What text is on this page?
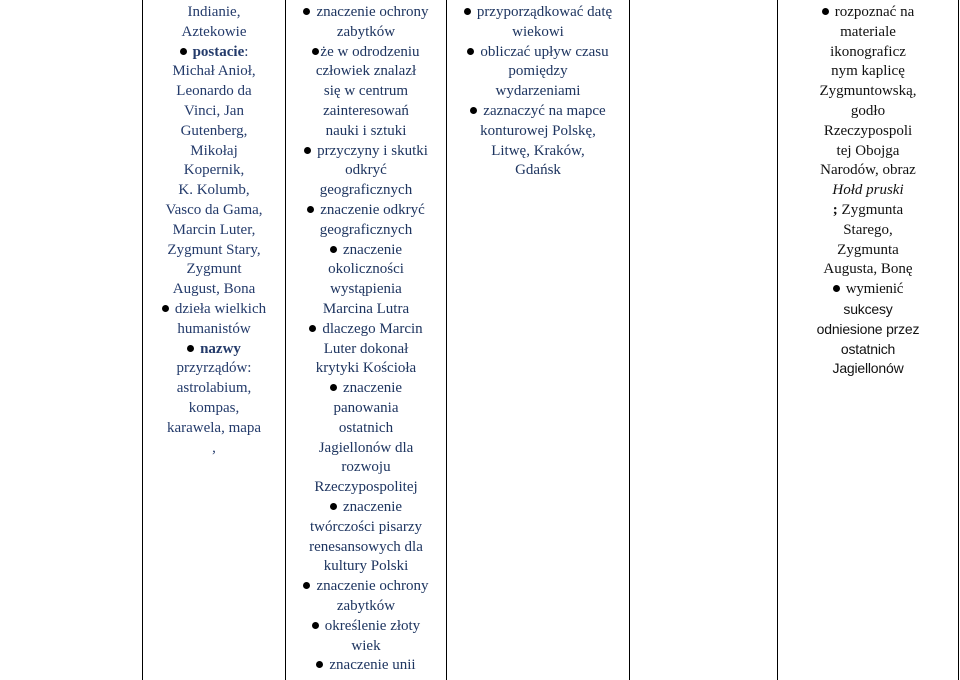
Indianie,
Aztekowie
postacie:
Michał Anioł,
Leonardo da
Vinci, Jan
Gutenberg,
Mikołaj
Kopernik,
K. Kolumb,
Vasco da Gama,
Marcin Luter,
Zygmunt Stary,
Zygmunt
August, Bona
dzieła wielkich
humanistów
nazwy
przyrządów:
astrolabium,
kompas,
karawela, mapa
,
znaczenie ochrony
zabytków
że w odrodzeniu
człowiek znalazł
się w centrum
zainteresowań
nauki i sztuki
przyczyny i skutki
odkryć
geograficznych
znaczenie odkryć
geograficznych
znaczenie
okoliczności
wystąpienia
Marcina Lutra
dlaczego Marcin
Luter dokonał
krytyki Kościoła
znaczenie
panowania
ostatnich
Jagiellonów dla
rozwoju
Rzeczypospolitej
znaczenie
twórczości pisarzy
renesansowych dla
kultury Polski
znaczenie ochrony
zabytków
określenie złoty
wiek
znaczenie unii
przyporządkować datę
wiekowi
obliczać upływ czasu
pomiędzy
wydarzeniami
zaznaczyć na mapce
konturowej Polskę,
Litwę, Kraków,
Gdańsk
rozpoznać na
materiale
ikonograficz
nym kaplicę
Zygmuntowską,
godło
Rzeczypospoli
tej Obojga
Narodów, obraz
Hołd pruski
; Zygmunta
Starego,
Zygmunta
Augusta, Bonę
wymienić
sukcesy
odniesione przez
ostatnich
Jagiellonów
